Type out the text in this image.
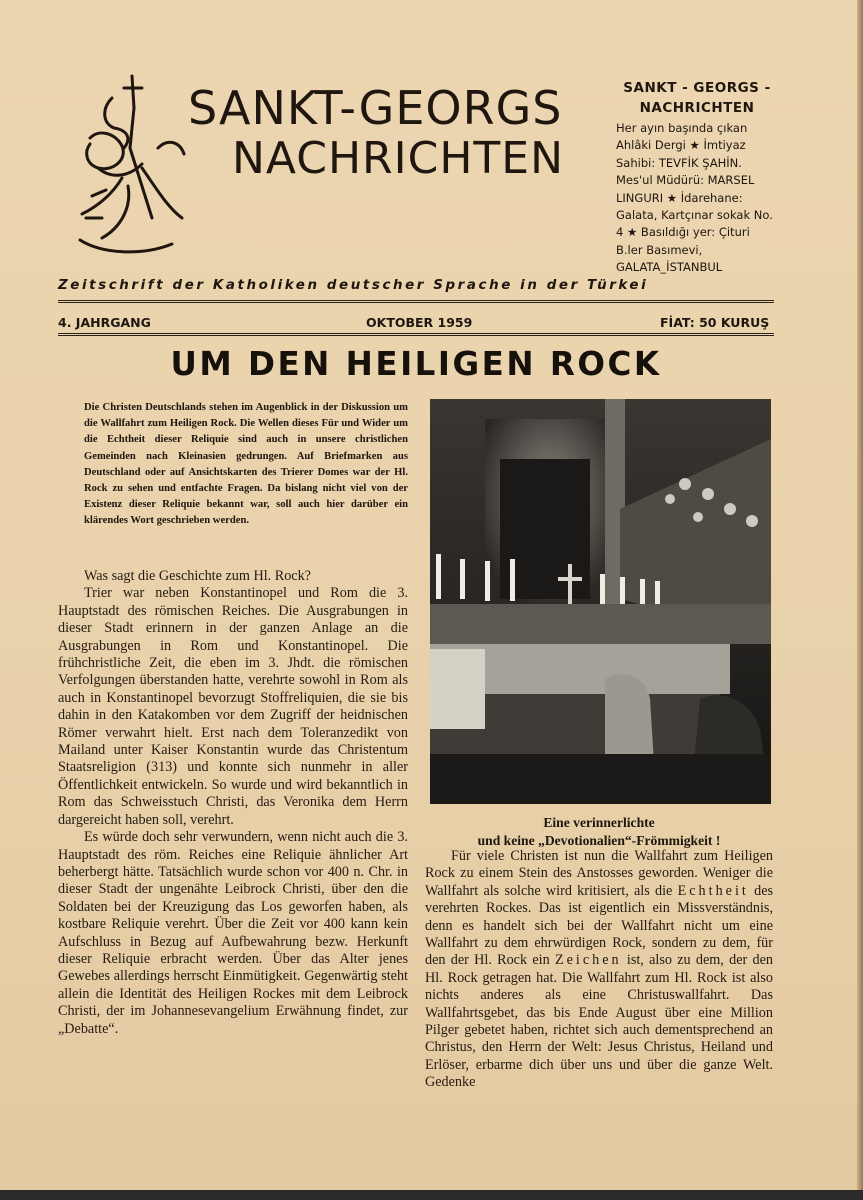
SANKT-GEORGS
NACHRICHTEN
SANKT - GEORGS - NACHRICHTEN
Her ayın başında çıkan Ahlâki Dergi ★ İmtiyaz Sahibi: TEVFİK ŞAHİN. Mes'ul Müdürü: MARSEL LINGURI ★ İdarehane: Galata, Kartçınar sokak No. 4 ★ Basıldığı yer: Çituri B.ler Basımevi, GALATA_İSTANBUL
Zeitschrift der Katholiken deutscher Sprache in der Türkei
4. JAHRGANG	OKTOBER 1959	FİAT: 50 KURUŞ
UM DEN HEILIGEN ROCK
Die Christen Deutschlands stehen im Augenblick in der Diskussion um die Wallfahrt zum Heiligen Rock. Die Wellen dieses Für und Wider um die Echtheit dieser Reliquie sind auch in unsere christlichen Gemeinden nach Kleinasien gedrungen. Auf Briefmarken aus Deutschland oder auf Ansichtskarten des Trierer Domes war der Hl. Rock zu sehen und entfachte Fragen. Da bislang nicht viel von der Existenz dieser Reliquie bekannt war, soll auch hier darüber ein klärendes Wort geschrieben werden.

Was sagt die Geschichte zum Hl. Rock?

Trier war neben Konstantinopel und Rom die 3. Hauptstadt des römischen Reiches. Die Ausgrabungen in dieser Stadt erinnern in der ganzen Anlage an die Ausgrabungen in Rom und Konstantinopel. Die frühchristliche Zeit, die eben im 3. Jhdt. die römischen Verfolgungen überstanden hatte, verehrte sowohl in Rom als auch in Konstantinopel bevorzugt Stoffreliquien, die sie bis dahin in den Katakomben vor dem Zugriff der heidnischen Römer verwahrt hielt. Erst nach dem Toleranzedikt von Mailand unter Kaiser Konstantin wurde das Christentum Staatsreligion (313) und konnte sich nunmehr in aller Öffentlichkeit entwickeln. So wurde und wird bekanntlich in Rom das Schweisstuch Christi, das Veronika dem Herrn dargereicht haben soll, verehrt.

Es würde doch sehr verwundern, wenn nicht auch die 3. Hauptstadt des röm. Reiches eine Reliquie ähnlicher Art beherbergt hätte. Tatsächlich wurde schon vor 400 n. Chr. in dieser Stadt der ungenähte Leibrock Christi, über den die Soldaten bei der Kreuzigung das Los geworfen haben, als kostbare Reliquie verehrt. Über die Zeit vor 400 kann kein Aufschluss in Bezug auf Aufbewahrung bezw. Herkunft dieser Reliquie erbracht werden. Über das Alter jenes Gewebes allerdings herrscht Einmütigkeit. Gegenwärtig steht allein die Identität des Heiligen Rockes mit dem Leibrock Christi, der im Johannesevangelium Erwähnung findet, zur „Debatte“.

Eine verinnerlichte
und keine „Devotionalien“-Frömmigkeit !

Für viele Christen ist nun die Wallfahrt zum Heiligen Rock zu einem Stein des Anstosses geworden. Weniger die Wallfahrt als solche wird kritisiert, als die Echtheit des verehrten Rockes. Das ist eigentlich ein Missverständnis, denn es handelt sich bei der Wallfahrt nicht um eine Wallfahrt zu dem ehrwürdigen Rock, sondern zu dem, für den der Hl. Rock ein Zeichen ist, also zu dem, der den Hl. Rock getragen hat. Die Wallfahrt zum Hl. Rock ist also nichts anderes als eine Christuswallfahrt. Das Wallfahrtsgebet, das bis Ende August über eine Million Pilger gebetet haben, richtet sich auch dementsprechend an Christus, den Herrn der Welt: Jesus Christus, Heiland und Erlöser, erbarme dich über uns und über die ganze Welt. Gedenke
